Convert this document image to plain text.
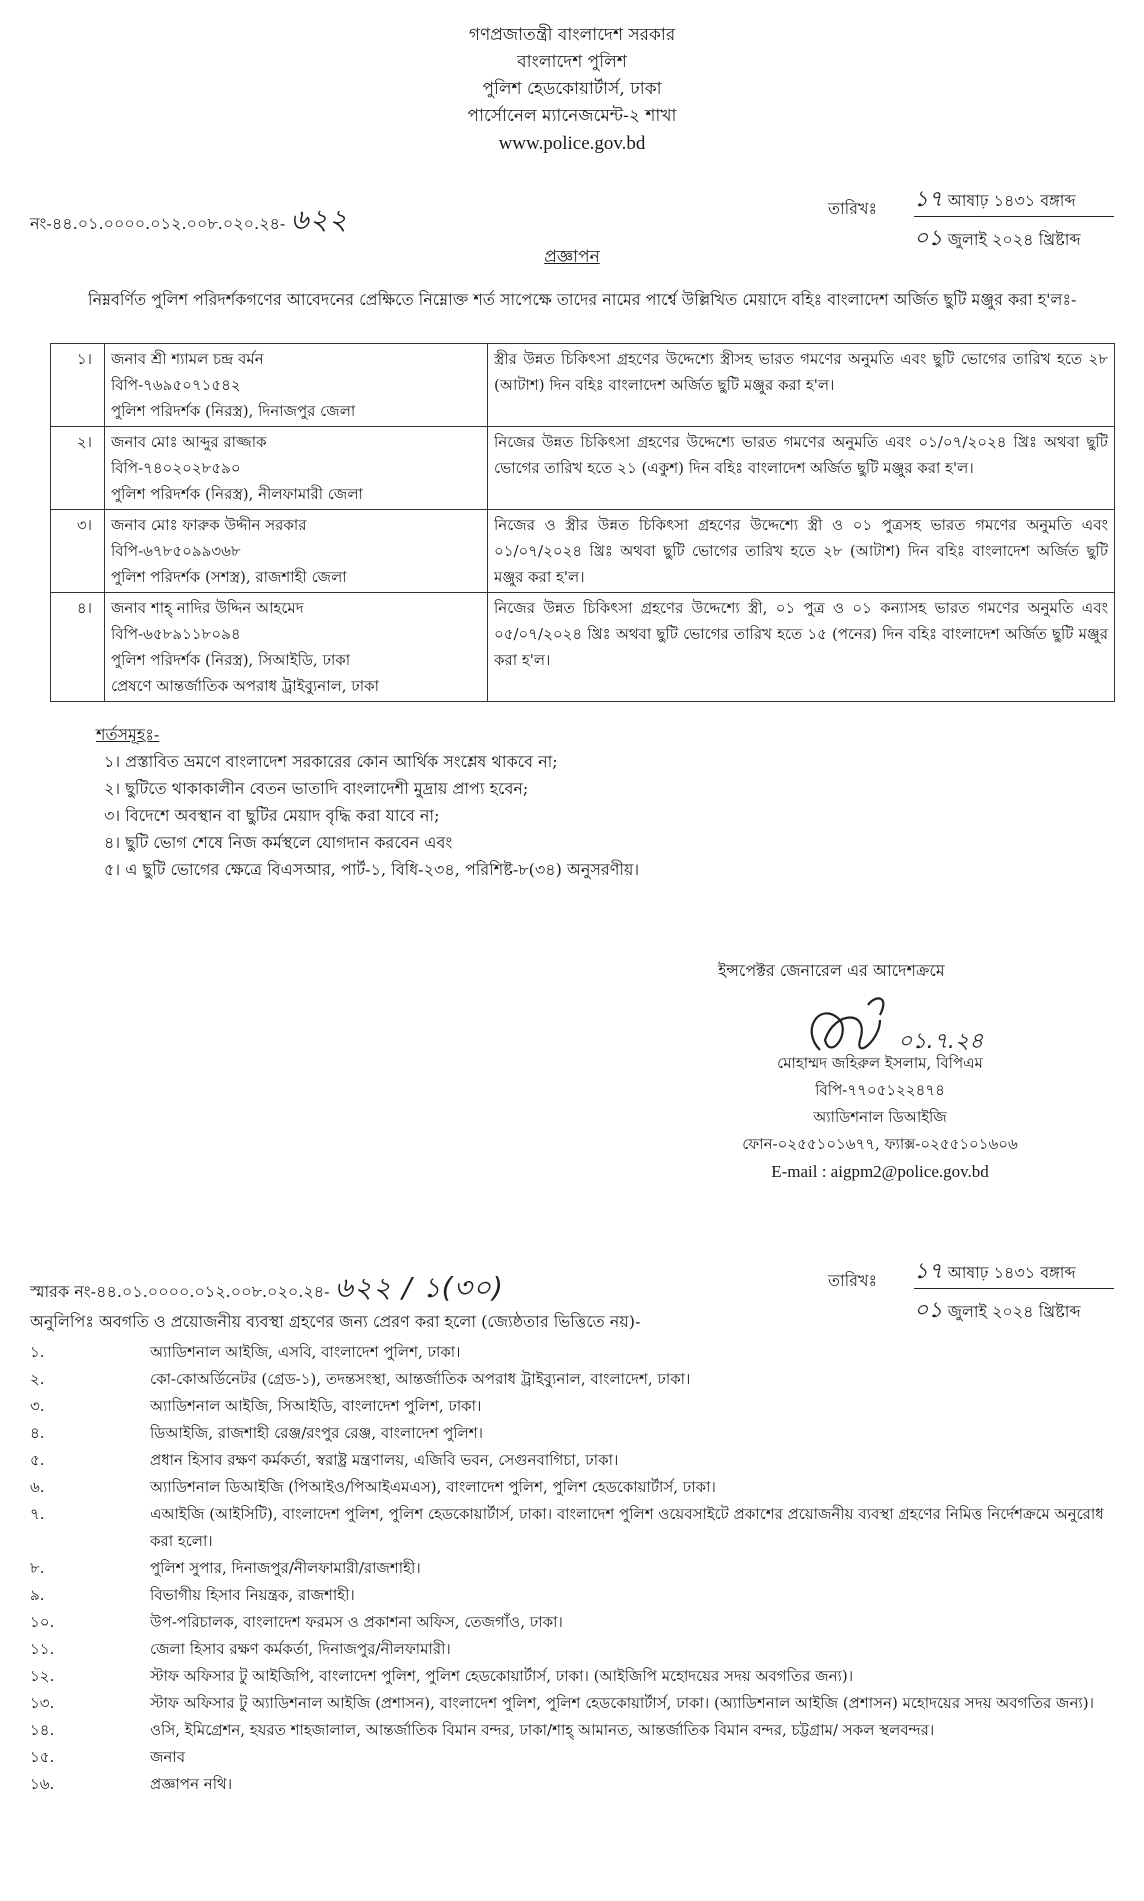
গণপ্রজাতন্ত্রী বাংলাদেশ সরকার
বাংলাদেশ পুলিশ
পুলিশ হেডকোয়ার্টার্স, ঢাকা
পার্সোনেল ম্যানেজমেন্ট-২ শাখা
www.police.gov.bd
নং-৪৪.০১.০০০০.০১২.০০৮.০২০.২৪- ৬২২	তারিখঃ ১৭ আষাঢ় ১৪৩১ বঙ্গাব্দ
০১ জুলাই ২০২৪ খ্রিষ্টাব্দ
প্রজ্ঞাপন
নিম্নবর্ণিত পুলিশ পরিদর্শকগণের আবেদনের প্রেক্ষিতে নিম্নোক্ত শর্ত সাপেক্ষে তাদের নামের পার্শ্বে উল্লিখিত মেয়াদে বহিঃ বাংলাদেশ অর্জিত ছুটি মঞ্জুর করা হ'লঃ-
১।	জনাব শ্রী শ্যামল চন্দ্র বর্মন
বিপি-৭৬৯৫০৭১৫৪২
পুলিশ পরিদর্শক (নিরস্ত্র), দিনাজপুর জেলা	স্ত্রীর উন্নত চিকিৎসা গ্রহণের উদ্দেশ্যে স্ত্রীসহ ভারত গমণের অনুমতি এবং ছুটি ভোগের তারিখ হতে ২৮ (আটাশ) দিন বহিঃ বাংলাদেশ অর্জিত ছুটি মঞ্জুর করা হ'ল।
২।	জনাব মোঃ আব্দুর রাজ্জাক
বিপি-৭৪০২০২৮৫৯০
পুলিশ পরিদর্শক (নিরস্ত্র), নীলফামারী জেলা	নিজের উন্নত চিকিৎসা গ্রহণের উদ্দেশ্যে ভারত গমণের অনুমতি এবং ০১/০৭/২০২৪ খ্রিঃ অথবা ছুটি ভোগের তারিখ হতে ২১ (একুশ) দিন বহিঃ বাংলাদেশ অর্জিত ছুটি মঞ্জুর করা হ'ল।
৩।	জনাব মোঃ ফারুক উদ্দীন সরকার
বিপি-৬৭৮৫০৯৯৩৬৮
পুলিশ পরিদর্শক (সশস্ত্র), রাজশাহী জেলা	নিজের ও স্ত্রীর উন্নত চিকিৎসা গ্রহণের উদ্দেশ্যে স্ত্রী ও ০১ পুত্রসহ ভারত গমণের অনুমতি এবং ০১/০৭/২০২৪ খ্রিঃ অথবা ছুটি ভোগের তারিখ হতে ২৮ (আটাশ) দিন বহিঃ বাংলাদেশ অর্জিত ছুটি মঞ্জুর করা হ'ল।
৪।	জনাব শাহ্ নাদির উদ্দিন আহমেদ
বিপি-৬৫৮৯১১৮০৯৪
পুলিশ পরিদর্শক (নিরস্ত্র), সিআইডি, ঢাকা
প্রেষণে আন্তর্জাতিক অপরাধ ট্রাইব্যুনাল, ঢাকা	নিজের উন্নত চিকিৎসা গ্রহণের উদ্দেশ্যে স্ত্রী, ০১ পুত্র ও ০১ কন্যাসহ ভারত গমণের অনুমতি এবং ০৫/০৭/২০২৪ খ্রিঃ অথবা ছুটি ভোগের তারিখ হতে ১৫ (পনের) দিন বহিঃ বাংলাদেশ অর্জিত ছুটি মঞ্জুর করা হ'ল।
শর্তসমূহঃ-
১। প্রস্তাবিত ভ্রমণে বাংলাদেশ সরকারের কোন আর্থিক সংশ্লেষ থাকবে না;
২। ছুটিতে থাকাকালীন বেতন ভাতাদি বাংলাদেশী মুদ্রায় প্রাপ্য হবেন;
৩। বিদেশে অবস্থান বা ছুটির মেয়াদ বৃদ্ধি করা যাবে না;
৪। ছুটি ভোগ শেষে নিজ কর্মস্থলে যোগদান করবেন এবং
৫। এ ছুটি ভোগের ক্ষেত্রে বিএসআর, পার্ট-১, বিধি-২৩৪, পরিশিষ্ট-৮(৩৪) অনুসরণীয়।
ইন্সপেক্টর জেনারেল এর আদেশক্রমে
০১.৭.২৪
মোহাম্মদ জহিরুল ইসলাম, বিপিএম
বিপি-৭৭০৫১২২৪৭৪
অ্যাডিশনাল ডিআইজি
ফোন-০২৫৫১০১৬৭৭, ফ্যাক্স-০২৫৫১০১৬০৬
E-mail : aigpm2@police.gov.bd
স্মারক নং-৪৪.০১.০০০০.০১২.০০৮.০২০.২৪- ৬২২ / ১(৩০)	তারিখঃ ১৭ আষাঢ় ১৪৩১ বঙ্গাব্দ
০১ জুলাই ২০২৪ খ্রিষ্টাব্দ
অনুলিপিঃ অবগতি ও প্রয়োজনীয় ব্যবস্থা গ্রহণের জন্য প্রেরণ করা হলো (জ্যেষ্ঠতার ভিত্তিতে নয়)-
১.	অ্যাডিশনাল আইজি, এসবি, বাংলাদেশ পুলিশ, ঢাকা।
২.	কো-কোঅর্ডিনেটর (গ্রেড-১), তদন্তসংস্থা, আন্তর্জাতিক অপরাধ ট্রাইব্যুনাল, বাংলাদেশ, ঢাকা।
৩.	অ্যাডিশনাল আইজি, সিআইডি, বাংলাদেশ পুলিশ, ঢাকা।
৪.	ডিআইজি, রাজশাহী রেঞ্জ/রংপুর রেঞ্জ, বাংলাদেশ পুলিশ।
৫.	প্রধান হিসাব রক্ষণ কর্মকর্তা, স্বরাষ্ট্র মন্ত্রণালয়, এজিবি ভবন, সেগুনবাগিচা, ঢাকা।
৬.	অ্যাডিশনাল ডিআইজি (পিআইও/পিআইএমএস), বাংলাদেশ পুলিশ, পুলিশ হেডকোয়ার্টার্স, ঢাকা।
৭.	এআইজি (আইসিটি), বাংলাদেশ পুলিশ, পুলিশ হেডকোয়ার্টার্স, ঢাকা। বাংলাদেশ পুলিশ ওয়েবসাইটে প্রকাশের প্রয়োজনীয় ব্যবস্থা গ্রহণের নিমিত্ত নির্দেশক্রমে অনুরোধ করা হলো।
৮.	পুলিশ সুপার, দিনাজপুর/নীলফামারী/রাজশাহী।
৯.	বিভাগীয় হিসাব নিয়ন্ত্রক, রাজশাহী।
১০.	উপ-পরিচালক, বাংলাদেশ ফরমস ও প্রকাশনা অফিস, তেজগাঁও, ঢাকা।
১১.	জেলা হিসাব রক্ষণ কর্মকর্তা, দিনাজপুর/নীলফামারী।
১২.	স্টাফ অফিসার টু আইজিপি, বাংলাদেশ পুলিশ, পুলিশ হেডকোয়ার্টার্স, ঢাকা। (আইজিপি মহোদয়ের সদয় অবগতির জন্য)।
১৩.	স্টাফ অফিসার টু অ্যাডিশনাল আইজি (প্রশাসন), বাংলাদেশ পুলিশ, পুলিশ হেডকোয়ার্টার্স, ঢাকা। (অ্যাডিশনাল আইজি (প্রশাসন) মহোদয়ের সদয় অবগতির জন্য)।
১৪.	ওসি, ইমিগ্রেশন, হযরত শাহজালাল, আন্তর্জাতিক বিমান বন্দর, ঢাকা/শাহ্ আমানত, আন্তর্জাতিক বিমান বন্দর, চট্টগ্রাম/ সকল স্থলবন্দর।
১৫.	জনাব
১৬.	প্রজ্ঞাপন নথি।
